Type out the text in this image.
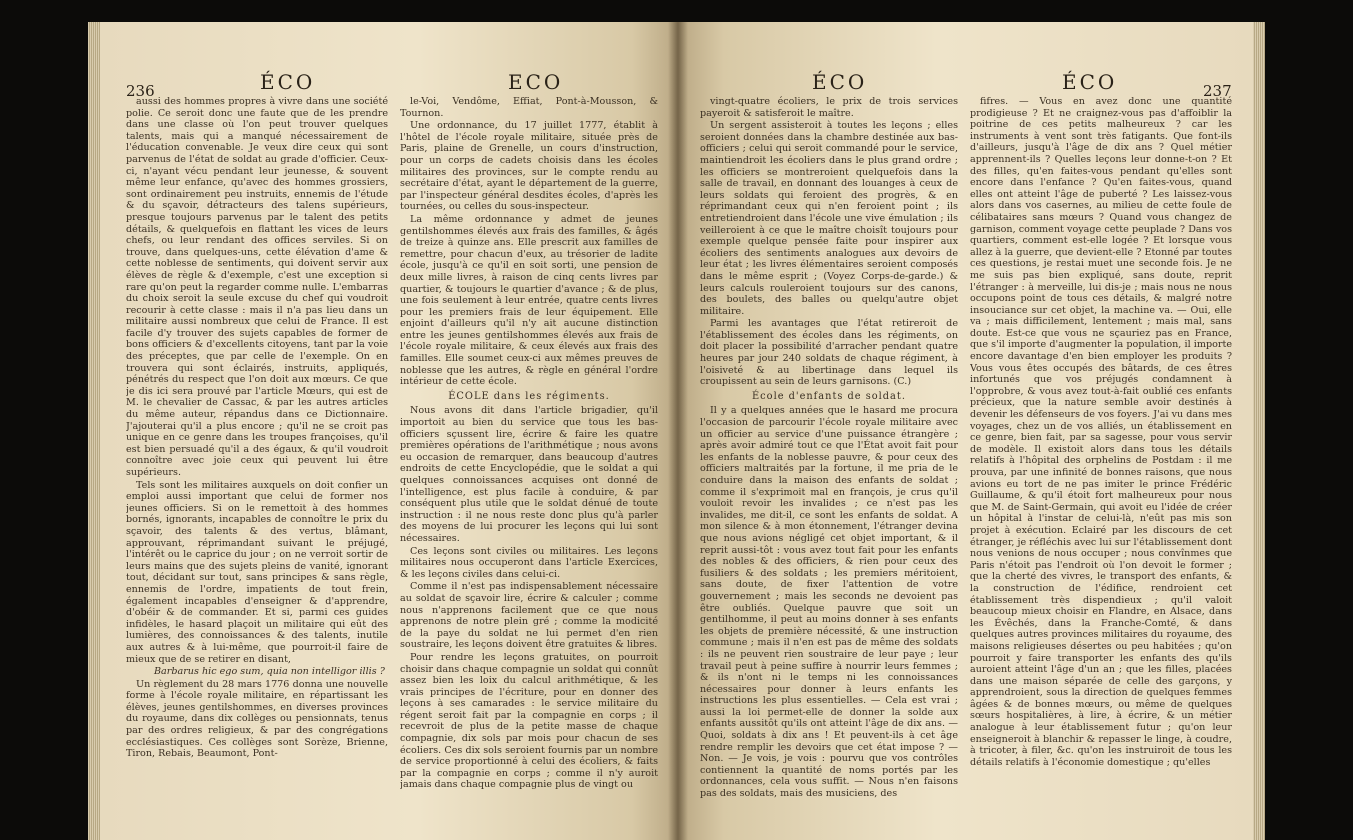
236	ÉCO	ECO

aussi des hommes propres à vivre dans une société polie. Ce seroit donc une faute que de les prendre dans une classe où l'on peut trouver quelques talents, mais qui a manqué nécessairement de l'éducation convenable. Je veux dire ceux qui sont parvenus de l'état de soldat au grade d'officier. Ceux-ci, n'ayant vécu pendant leur jeunesse, & souvent même leur enfance, qu'avec des hommes grossiers, sont ordinairement peu instruits, ennemis de l'étude & du sçavoir, détracteurs des talens supérieurs, presque toujours parvenus par le talent des petits détails, & quelquefois en flattant les vices de leurs chefs, ou leur rendant des offices serviles. Si on trouve, dans quelques-uns, cette élévation d'ame & cette noblesse de sentiments, qui doivent servir aux élèves de règle & d'exemple, c'est une exception si rare qu'on peut la regarder comme nulle. L'embarras du choix seroit la seule excuse du chef qui voudroit recourir à cette classe : mais il n'a pas lieu dans un militaire aussi nombreux que celui de France. Il est facile d'y trouver des sujets capables de former de bons officiers & d'excellents citoyens, tant par la voie des préceptes, que par celle de l'exemple. On en trouvera qui sont éclairés, instruits, appliqués, pénétrés du respect que l'on doit aux mœurs. Ce que je dis ici sera prouvé par l'article Mœurs, qui est de M. le chevalier de Cassac, & par les autres articles du même auteur, répandus dans ce Dictionnaire. J'ajouterai qu'il a plus encore ; qu'il ne se croit pas unique en ce genre dans les troupes françoises, qu'il est bien persuadé qu'il a des égaux, & qu'il voudroit connoître avec joie ceux qui peuvent lui être supérieurs.

Tels sont les militaires auxquels on doit confier un emploi aussi important que celui de former nos jeunes officiers. Si on le remettoit à des hommes bornés, ignorants, incapables de connoître le prix du sçavoir, des talents & des vertus, blâmant, approuvant, réprimandant suivant le préjugé, l'intérêt ou le caprice du jour ; on ne verroit sortir de leurs mains que des sujets pleins de vanité, ignorant tout, décidant sur tout, sans principes & sans règle, ennemis de l'ordre, impatients de tout frein, également incapables d'enseigner & d'apprendre, d'obéir & de commander. Et si, parmi ces guides infidèles, le hasard plaçoit un militaire qui eût des lumières, des connoissances & des talents, inutile aux autres & à lui-même, que pourroit-il faire de mieux que de se retirer en disant,

Barbarus hic ego sum, quia non intelligor illis ?

Un règlement du 28 mars 1776 donna une nouvelle forme à l'école royale militaire, en répartissant les élèves, jeunes gentilshommes, en diverses provinces du royaume, dans dix collèges ou pensionnats, tenus par des ordres religieux, & par des congrégations ecclésiastiques. Ces collèges sont Sorèze, Brienne, Tiron, Rebais, Beaumont, Pont-

le-Voi, Vendôme, Effiat, Pont-à-Mousson, & Tournon.

Une ordonnance, du 17 juillet 1777, établit à l'hôtel de l'école royale militaire, située près de Paris, plaine de Grenelle, un cours d'instruction, pour un corps de cadets choisis dans les écoles militaires des provinces, sur le compte rendu au secrétaire d'état, ayant le département de la guerre, par l'inspecteur général desdites écoles, d'après les tournées, ou celles du sous-inspecteur.

La même ordonnance y admet de jeunes gentilshommes élevés aux frais des familles, & âgés de treize à quinze ans. Elle prescrit aux familles de remettre, pour chacun d'eux, au trésorier de ladite école, jusqu'à ce qu'il en soit sorti, une pension de deux mille livres, à raison de cinq cents livres par quartier, & toujours le quartier d'avance ; & de plus, une fois seulement à leur entrée, quatre cents livres pour les premiers frais de leur équipement. Elle enjoint d'ailleurs qu'il n'y ait aucune distinction entre les jeunes gentilshommes élevés aux frais de l'école royale militaire, & ceux élevés aux frais des familles. Elle soumet ceux-ci aux mêmes preuves de noblesse que les autres, & règle en général l'ordre intérieur de cette école.

ÉCOLE dans les régiments.

Nous avons dit dans l'article brigadier, qu'il importoit au bien du service que tous les bas-officiers sçussent lire, écrire & faire les quatre premières opérations de l'arithmétique ; nous avons eu occasion de remarquer, dans beaucoup d'autres endroits de cette Encyclopédie, que le soldat a qui quelques connoissances acquises ont donné de l'intelligence, est plus facile à conduire, & par conséquent plus utile que le soldat dénué de toute instruction : il ne nous reste donc plus qu'à parler des moyens de lui procurer les leçons qui lui sont nécessaires.

Ces leçons sont civiles ou militaires. Les leçons militaires nous occuperont dans l'article Exercices, & les leçons civiles dans celui-ci.

Comme il n'est pas indispensablement nécessaire au soldat de sçavoir lire, écrire & calculer ; comme nous n'apprenons facilement que ce que nous apprenons de notre plein gré ; comme la modicité de la paye du soldat ne lui permet d'en rien soustraire, les leçons doivent être gratuites & libres.

Pour rendre les leçons gratuites, on pourroit choisir dans chaque compagnie un soldat qui connût assez bien les loix du calcul arithmétique, & les vrais principes de l'écriture, pour en donner des leçons à ses camarades : le service militaire du régent seroit fait par la compagnie en corps ; il recevroit de plus de la petite masse de chaque compagnie, dix sols par mois pour chacun de ses écoliers. Ces dix sols seroient fournis par un nombre de service proportionné à celui des écoliers, & faits par la compagnie en corps ; comme il n'y auroit jamais dans chaque compagnie plus de vingt ou

ÉCO	ÉCO	237

vingt-quatre écoliers, le prix de trois services payeroit & satisferoit le maître.

Un sergent assisteroit à toutes les leçons ; elles seroient données dans la chambre destinée aux bas-officiers ; celui qui seroit commandé pour le service, maintiendroit les écoliers dans le plus grand ordre ; les officiers se montreroient quelquefois dans la salle de travail, en donnant des louanges à ceux de leurs soldats qui feroient des progrès, & en réprimandant ceux qui n'en feroient point ; ils entretiendroient dans l'école une vive émulation ; ils veilleroient à ce que le maître choisît toujours pour exemple quelque pensée faite pour inspirer aux écoliers des sentiments analogues aux devoirs de leur état ; les livres élémentaires seroient composés dans le même esprit ; (Voyez Corps-de-garde.) & leurs calculs rouleroient toujours sur des canons, des boulets, des balles ou quelqu'autre objet militaire.

Parmi les avantages que l'état retireroit de l'établissement des écoles dans les régiments, on doit placer la possibilité d'arracher pendant quatre heures par jour 240 soldats de chaque régiment, à l'oisiveté & au libertinage dans lequel ils croupissent au sein de leurs garnisons. (C.)

École d'enfants de soldat.

Il y a quelques années que le hasard me procura l'occasion de parcourir l'école royale militaire avec un officier au service d'une puissance étrangère ; après avoir admiré tout ce que l'État avoit fait pour les enfants de la noblesse pauvre, & pour ceux des officiers maltraités par la fortune, il me pria de le conduire dans la maison des enfants de soldat ; comme il s'exprimoit mal en françois, je crus qu'il vouloit revoir les invalides ; ce n'est pas les invalides, me dit-il, ce sont les enfants de soldat. A mon silence & à mon étonnement, l'étranger devina que nous avions négligé cet objet important, & il reprit aussi-tôt : vous avez tout fait pour les enfants des nobles & des officiers, & rien pour ceux des fusiliers & des soldats ; les premiers méritoient, sans doute, de fixer l'attention de votre gouvernement ; mais les seconds ne devoient pas être oubliés. Quelque pauvre que soit un gentilhomme, il peut au moins donner à ses enfants les objets de première nécessité, & une instruction commune ; mais il n'en est pas de même des soldats : ils ne peuvent rien soustraire de leur paye ; leur travail peut à peine suffire à nourrir leurs femmes ; & ils n'ont ni le temps ni les connoissances nécessaires pour donner à leurs enfants les instructions les plus essentielles. — Cela est vrai ; aussi la loi permet-elle de donner la solde aux enfants aussitôt qu'ils ont atteint l'âge de dix ans. — Quoi, soldats à dix ans ! Et peuvent-ils à cet âge rendre remplir les devoirs que cet état impose ? — Non. — Je vois, je vois : pourvu que vos contrôles contiennent la quantité de noms portés par les ordonnances, cela vous suffit. — Nous n'en faisons pas des soldats, mais des musiciens, des

fifres. — Vous en avez donc une quantité prodigieuse ? Et ne craignez-vous pas d'affoiblir la poitrine de ces petits malheureux ? car les instruments à vent sont très fatigants. Que font-ils d'ailleurs, jusqu'à l'âge de dix ans ? Quel métier apprennent-ils ? Quelles leçons leur donne-t-on ? Et des filles, qu'en faites-vous pendant qu'elles sont encore dans l'enfance ? Qu'en faites-vous, quand elles ont atteint l'âge de puberté ? Les laissez-vous alors dans vos casernes, au milieu de cette foule de célibataires sans mœurs ? Quand vous changez de garnison, comment voyage cette peuplade ? Dans vos quartiers, comment est-elle logée ? Et lorsque vous allez à la guerre, que devient-elle ? Etonné par toutes ces questions, je restai muet une seconde fois. Je ne me suis pas bien expliqué, sans doute, reprit l'étranger : à merveille, lui dis-je ; mais nous ne nous occupons point de tous ces détails, & malgré notre insouciance sur cet objet, la machine va. — Oui, elle va ; mais difficilement, lentement ; mais mal, sans doute. Est-ce que vous ne sçauriez pas en France, que s'il importe d'augmenter la population, il importe encore davantage d'en bien employer les produits ? Vous vous êtes occupés des bâtards, de ces êtres infortunés que vos préjugés condamnent à l'opprobre, & vous avez tout-à-fait oublié ces enfants précieux, que la nature semble avoir destinés à devenir les défenseurs de vos foyers. J'ai vu dans mes voyages, chez un de vos alliés, un établissement en ce genre, bien fait, par sa sagesse, pour vous servir de modèle. Il existoit alors dans tous les détails relatifs à l'hôpital des orphelins de Postdam : il me prouva, par une infinité de bonnes raisons, que nous avions eu tort de ne pas imiter le prince Frédéric Guillaume, & qu'il étoit fort malheureux pour nous que M. de Saint-Germain, qui avoit eu l'idée de créer un hôpital à l'instar de celui-là, n'eût pas mis son projet à exécution. Eclairé par les discours de cet étranger, je réfléchis avec lui sur l'établissement dont nous venions de nous occuper ; nous convînmes que Paris n'étoit pas l'endroit où l'on devoit le former ; que la cherté des vivres, le transport des enfants, & la construction de l'édifice, rendroient cet établissement très dispendieux ; qu'il valoit beaucoup mieux choisir en Flandre, en Alsace, dans les Évêchés, dans la Franche-Comté, & dans quelques autres provinces militaires du royaume, des maisons religieuses désertes ou peu habitées ; qu'on pourroit y faire transporter les enfants des qu'ils auroient atteint l'âge d'un an ; que les filles, placées dans une maison séparée de celle des garçons, y apprendroient, sous la direction de quelques femmes âgées & de bonnes mœurs, ou même de quelques sœurs hospitalières, à lire, à écrire, & un métier analogue à leur établissement futur ; qu'on leur enseigneroit à blanchir & repasser le linge, à coudre, à tricoter, à filer, &c. qu'on les instruiroit de tous les détails relatifs à l'économie domestique ; qu'elles
